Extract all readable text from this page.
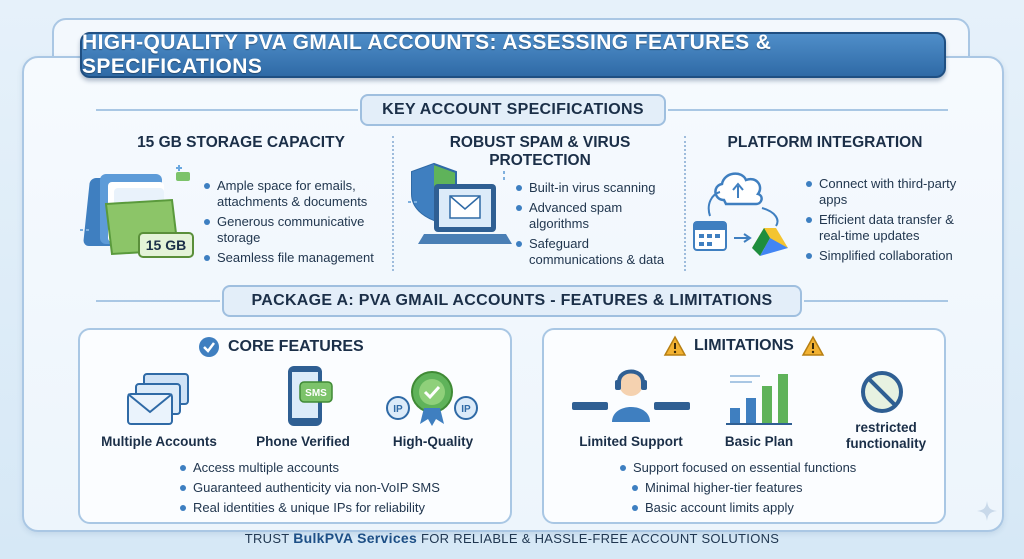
HIGH-QUALITY PVA GMAIL ACCOUNTS: ASSESSING FEATURES & SPECIFICATIONS
KEY ACCOUNT SPECIFICATIONS
15 GB STORAGE CAPACITY
15 GB
Ample space for emails, attachments & documents
Generous communicative storage
Seamless file management
ROBUST SPAM & VIRUS PROTECTION
Built-in virus scanning
Advanced spam algorithms
Safeguard communications & data
PLATFORM INTEGRATION
Connect with third-party apps
Efficient data transfer & real-time updates
Simplified collaboration
PACKAGE A: PVA GMAIL ACCOUNTS - FEATURES & LIMITATIONS
CORE FEATURES
Multiple Accounts
SMS
Phone Verified
IP	IP
High-Quality
Access multiple accounts
Guaranteed authenticity via non-VoIP SMS
Real identities & unique IPs for reliability
LIMITATIONS
Limited Support	Basic Plan
restricted functionality
Support focused on essential functions
Minimal higher-tier features
Basic account limits apply
TRUST BulkPVA Services FOR RELIABLE & HASSLE-FREE ACCOUNT SOLUTIONS
